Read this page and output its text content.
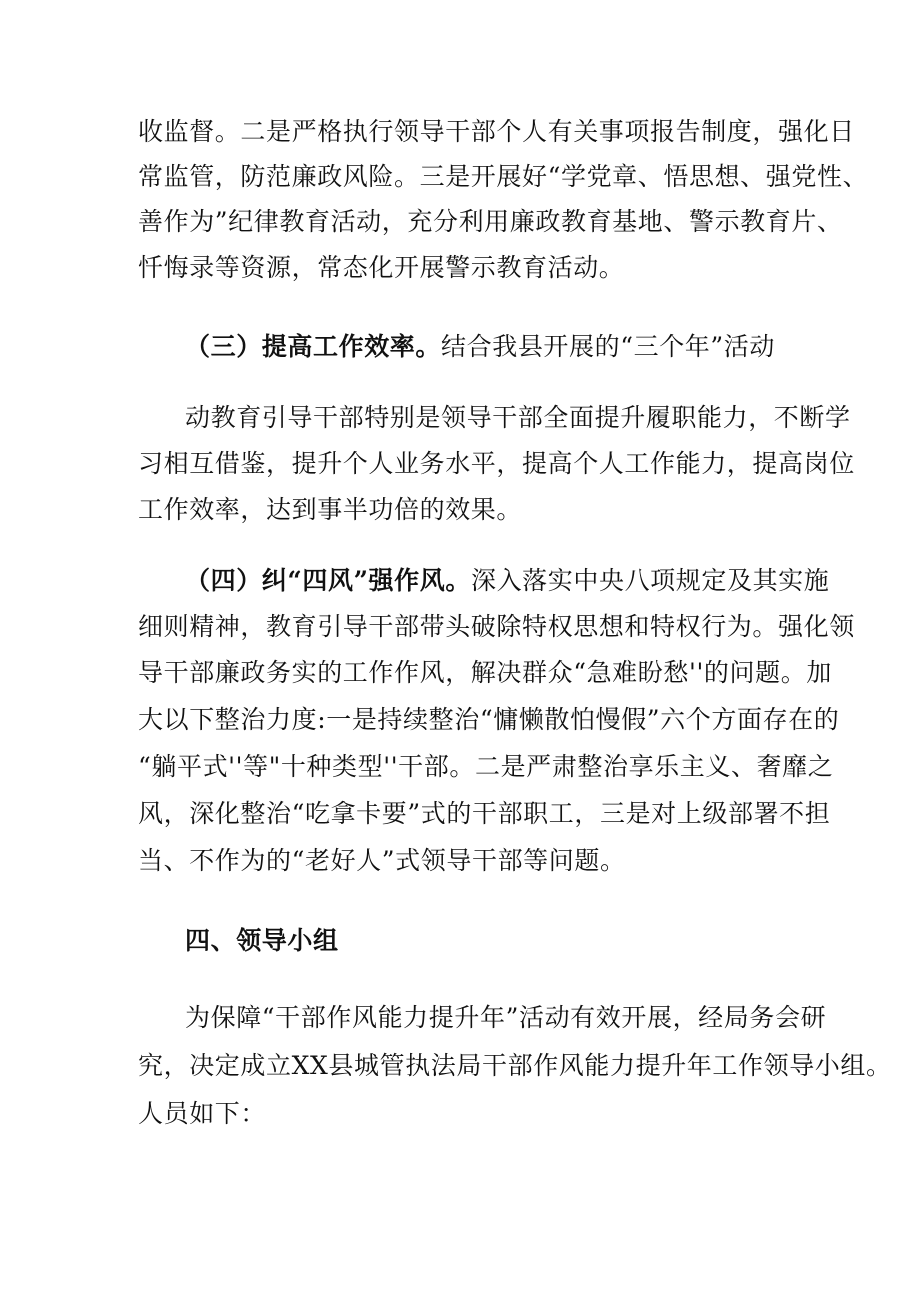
收监督。二是严格执行领导干部个人有关事项报告制度，强化日
常监管，防范廉政风险。三是开展好“学党章、悟思想、强党性、
善作为”纪律教育活动，充分利用廉政教育基地、警示教育片、
忏悔录等资源，常态化开展警示教育活动。
（三）提高工作效率。结合我县开展的“三个年”活动
动教育引导干部特别是领导干部全面提升履职能力，不断学
习相互借鉴，提升个人业务水平，提高个人工作能力，提高岗位
工作效率，达到事半功倍的效果。
（四）纠“四风”强作风。深入落实中央八项规定及其实施
细则精神，教育引导干部带头破除特权思想和特权行为。强化领
导干部廉政务实的工作作风，解决群众“急难盼愁''的问题。加
大以下整治力度:一是持续整治“慵懒散怕慢假”六个方面存在的
“躺平式''等"十种类型''干部。二是严肃整治享乐主义、奢靡之
风，深化整治“吃拿卡要”式的干部职工，三是对上级部署不担
当、不作为的“老好人”式领导干部等问题。
四、领导小组
为保障“干部作风能力提升年”活动有效开展，经局务会研
究，决定成立XX县城管执法局干部作风能力提升年工作领导小组。
人员如下：
